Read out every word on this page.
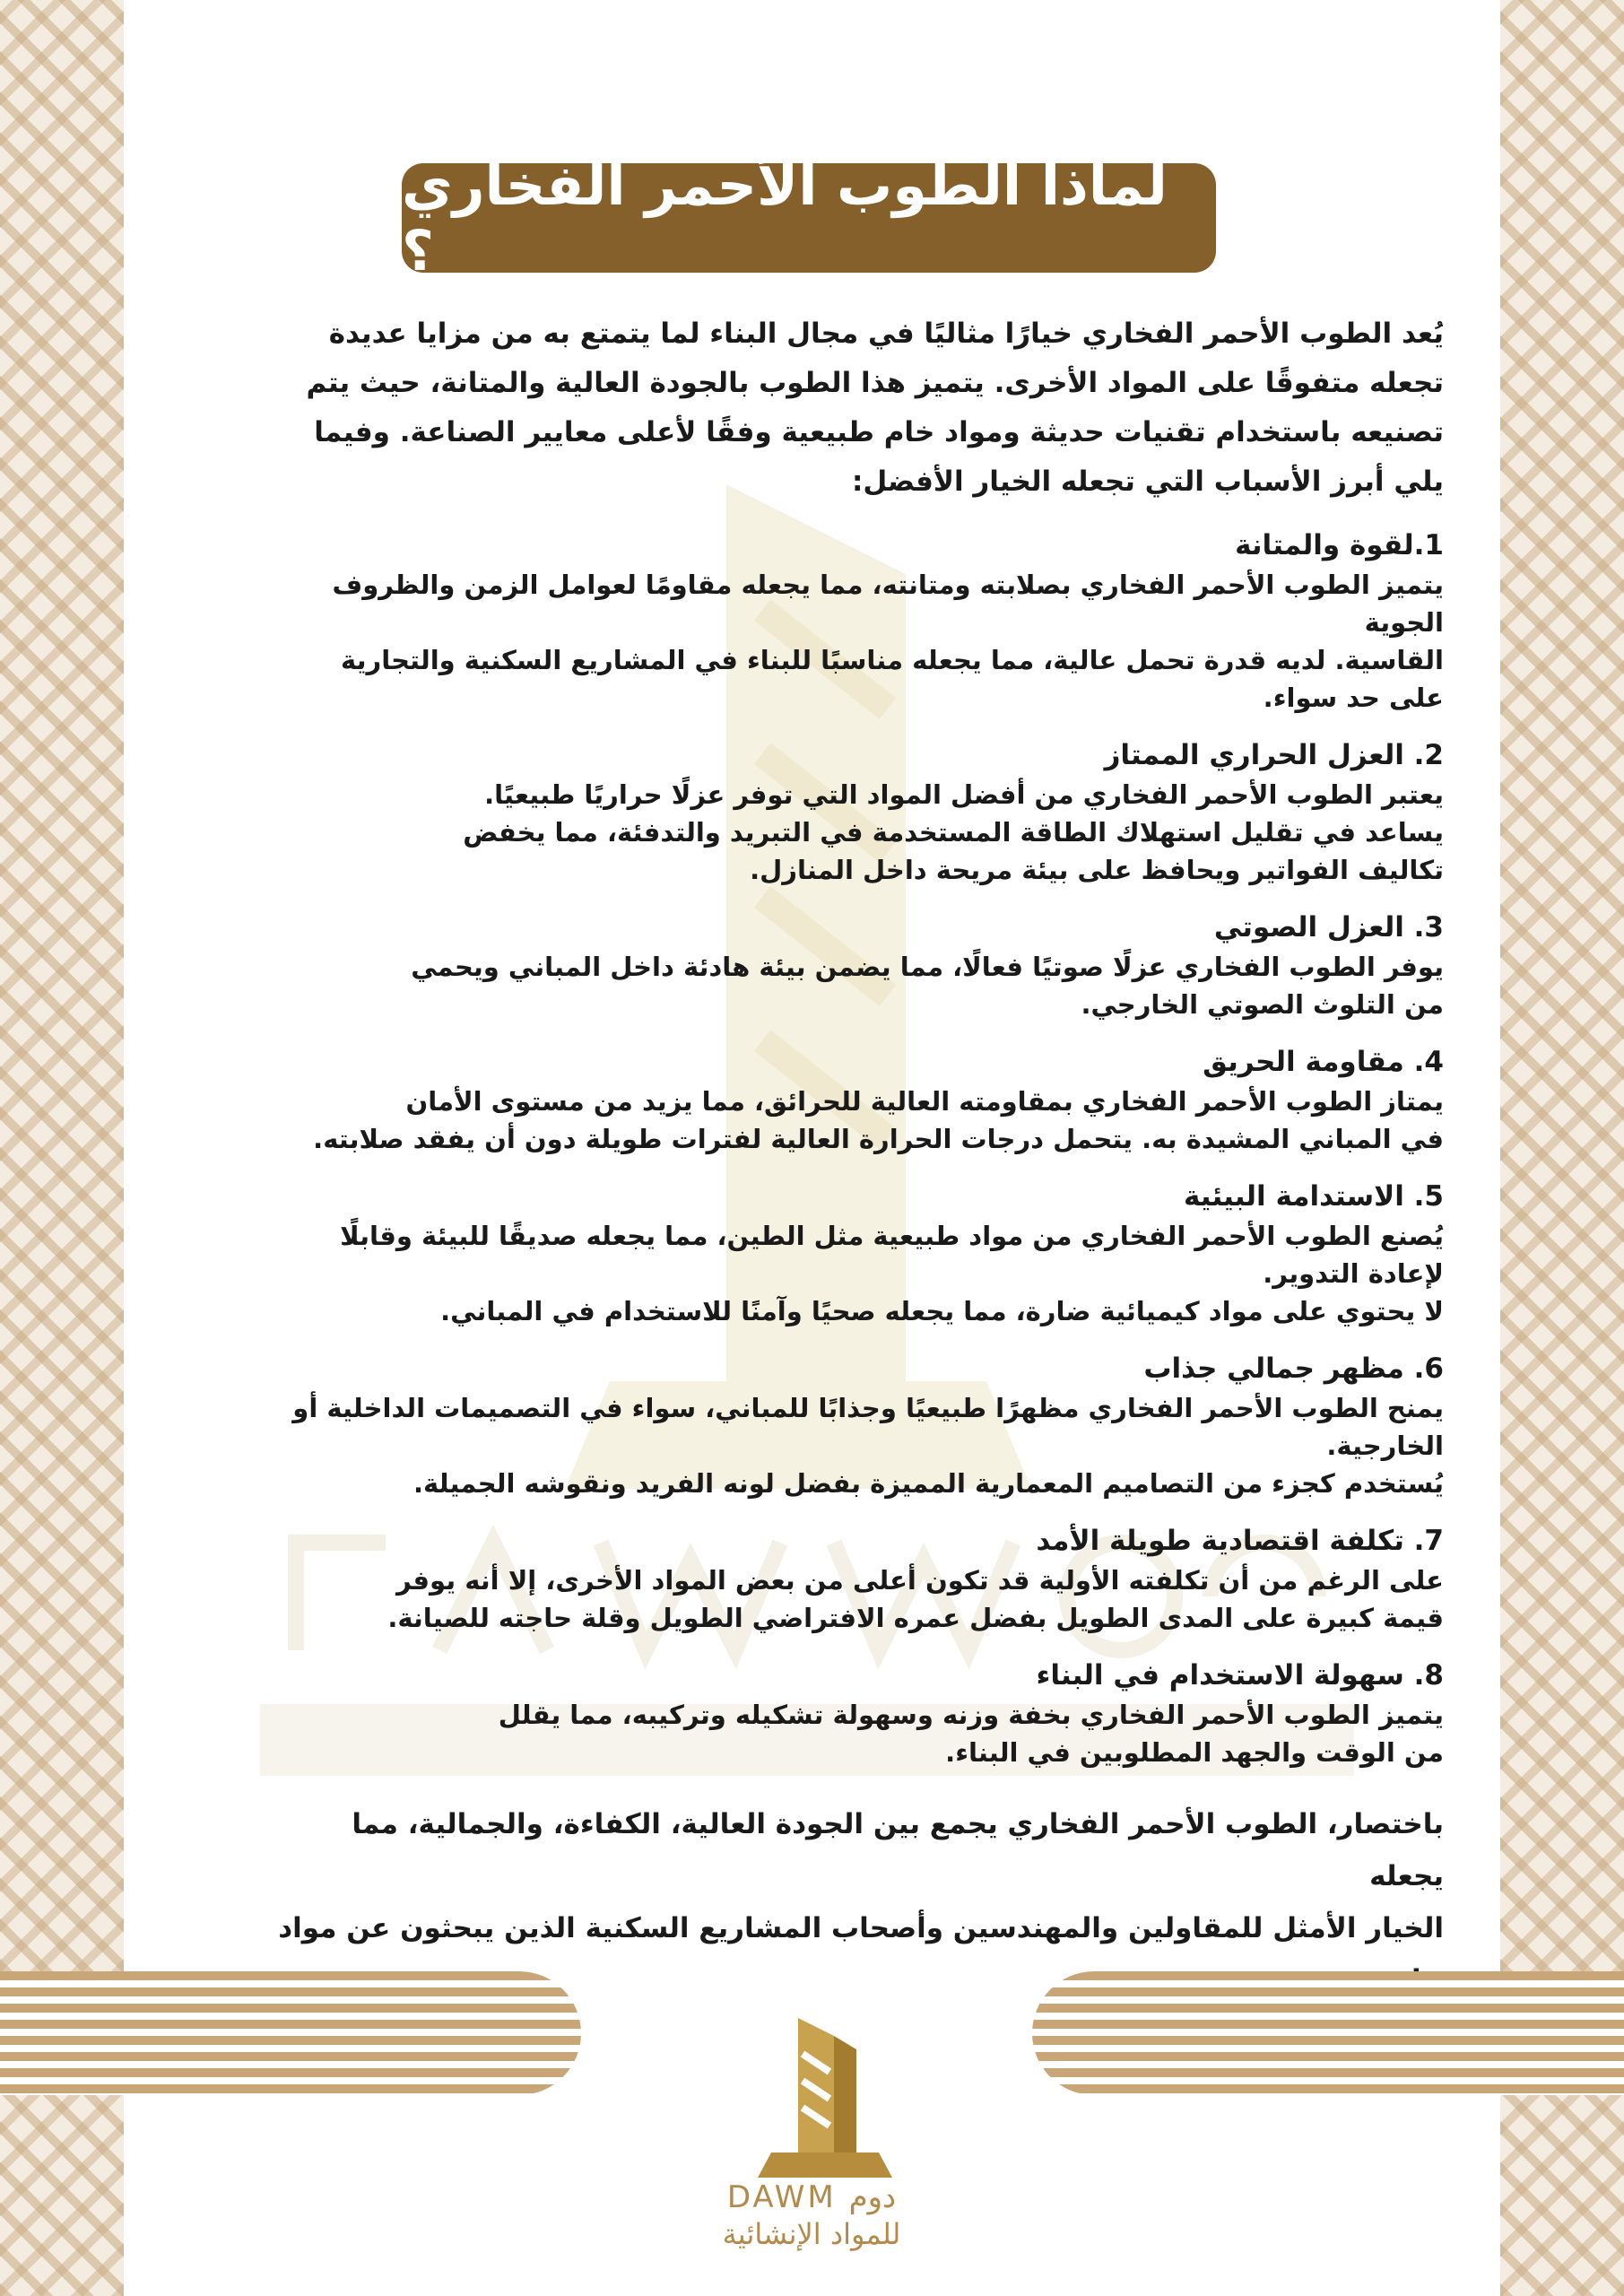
لماذا الطوب الأحمر الفخاري ؟

يُعد الطوب الأحمر الفخاري خيارًا مثاليًا في مجال البناء لما يتمتع به من مزايا عديدة

تجعله متفوقًا على المواد الأخرى. يتميز هذا الطوب بالجودة العالية والمتانة، حيث يتم

تصنيعه باستخدام تقنيات حديثة ومواد خام طبيعية وفقًا لأعلى معايير الصناعة. وفيما

يلي أبرز الأسباب التي تجعله الخيار الأفضل:

1.لقوة والمتانة
يتميز الطوب الأحمر الفخاري بصلابته ومتانته، مما يجعله مقاومًا لعوامل الزمن والظروف الجوية
القاسية. لديه قدرة تحمل عالية، مما يجعله مناسبًا للبناء في المشاريع السكنية والتجارية على حد سواء.
2. العزل الحراري الممتاز
يعتبر الطوب الأحمر الفخاري من أفضل المواد التي توفر عزلًا حراريًا طبيعيًا.
يساعد في تقليل استهلاك الطاقة المستخدمة في التبريد والتدفئة، مما يخفض
تكاليف الفواتير ويحافظ على بيئة مريحة داخل المنازل.
3. العزل الصوتي
يوفر الطوب الفخاري عزلًا صوتيًا فعالًا، مما يضمن بيئة هادئة داخل المباني ويحمي
من التلوث الصوتي الخارجي.
4. مقاومة الحريق
يمتاز الطوب الأحمر الفخاري بمقاومته العالية للحرائق، مما يزيد من مستوى الأمان
في المباني المشيدة به. يتحمل درجات الحرارة العالية لفترات طويلة دون أن يفقد صلابته.
5. الاستدامة البيئية
يُصنع الطوب الأحمر الفخاري من مواد طبيعية مثل الطين، مما يجعله صديقًا للبيئة وقابلًا لإعادة التدوير.
لا يحتوي على مواد كيميائية ضارة، مما يجعله صحيًا وآمنًا للاستخدام في المباني.
6. مظهر جمالي جذاب
يمنح الطوب الأحمر الفخاري مظهرًا طبيعيًا وجذابًا للمباني، سواء في التصميمات الداخلية أو الخارجية.
يُستخدم كجزء من التصاميم المعمارية المميزة بفضل لونه الفريد ونقوشه الجميلة.
7. تكلفة اقتصادية طويلة الأمد
على الرغم من أن تكلفته الأولية قد تكون أعلى من بعض المواد الأخرى، إلا أنه يوفر
قيمة كبيرة على المدى الطويل بفضل عمره الافتراضي الطويل وقلة حاجته للصيانة.
8. سهولة الاستخدام في البناء
يتميز الطوب الأحمر الفخاري بخفة وزنه وسهولة تشكيله وتركيبه، مما يقلل
من الوقت والجهد المطلوبين في البناء.

باختصار، الطوب الأحمر الفخاري يجمع بين الجودة العالية، الكفاءة، والجمالية، مما يجعله

الخيار الأمثل للمقاولين والمهندسين وأصحاب المشاريع السكنية الذين يبحثون عن مواد

DAWM دوم
للمواد الإنشائية
